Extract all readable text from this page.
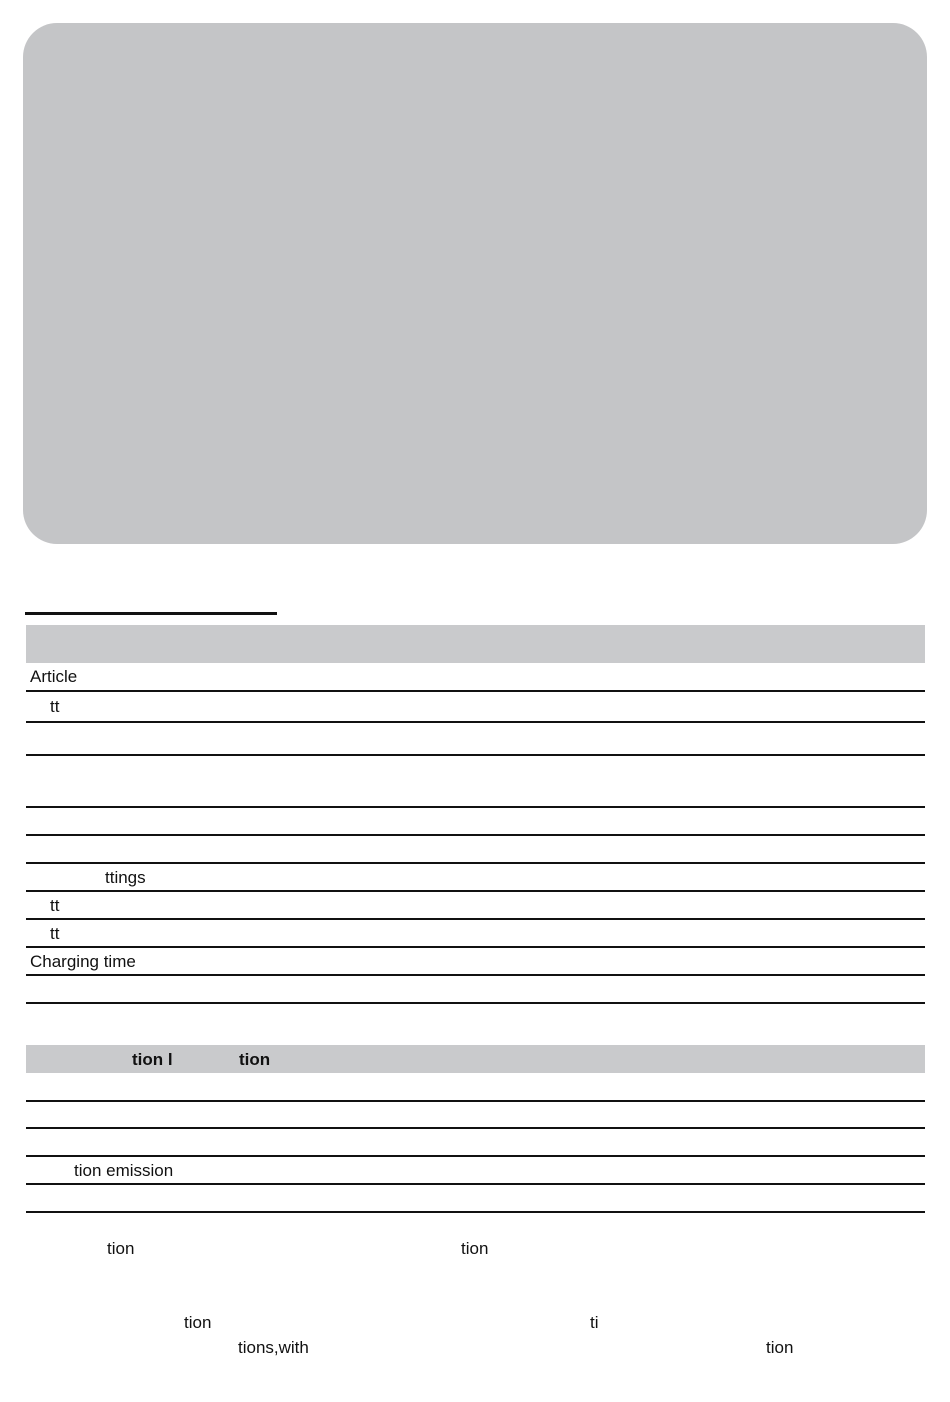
Article
tt
ttings
tt
tt
Charging time
tion l	tion
tion emission
tion	tion
tion	ti
tions,with	tion
